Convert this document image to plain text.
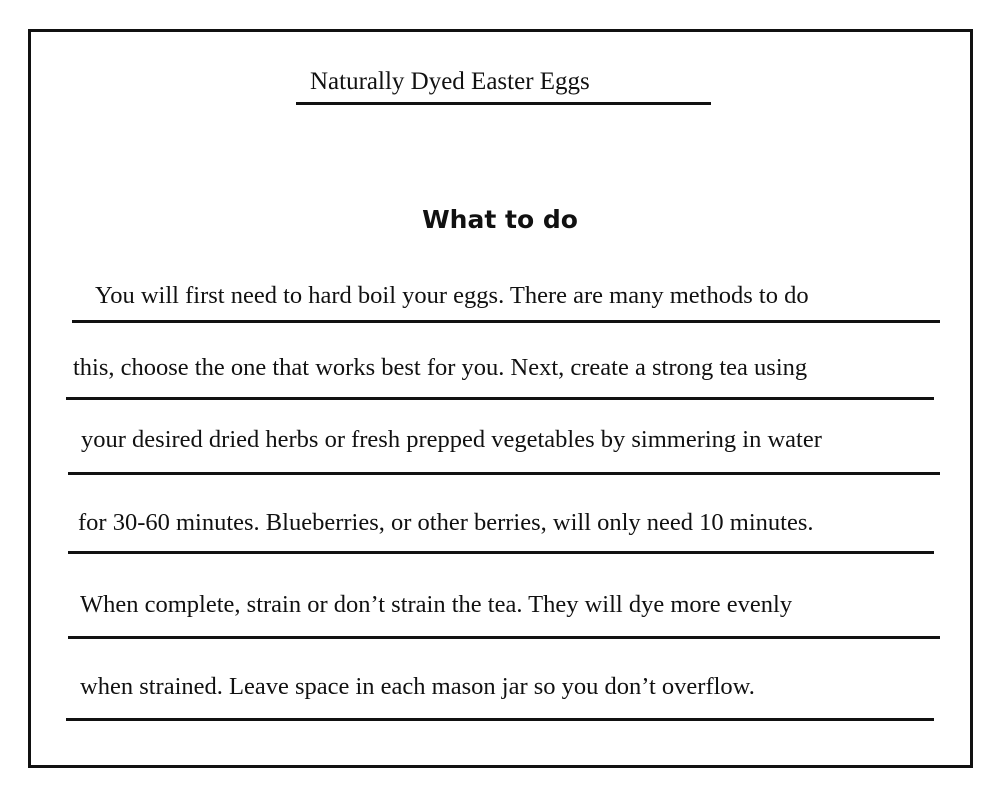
Naturally Dyed Easter Eggs
What to do
You will first need to hard boil your eggs. There are many methods to do
this, choose the one that works best for you. Next, create a strong tea using
your desired dried herbs or fresh prepped vegetables by simmering in water
for 30-60 minutes. Blueberries, or other berries, will only need 10 minutes.
When complete, strain or don’t strain the tea. They will dye more evenly
when strained. Leave space in each mason jar so you don’t overflow.
